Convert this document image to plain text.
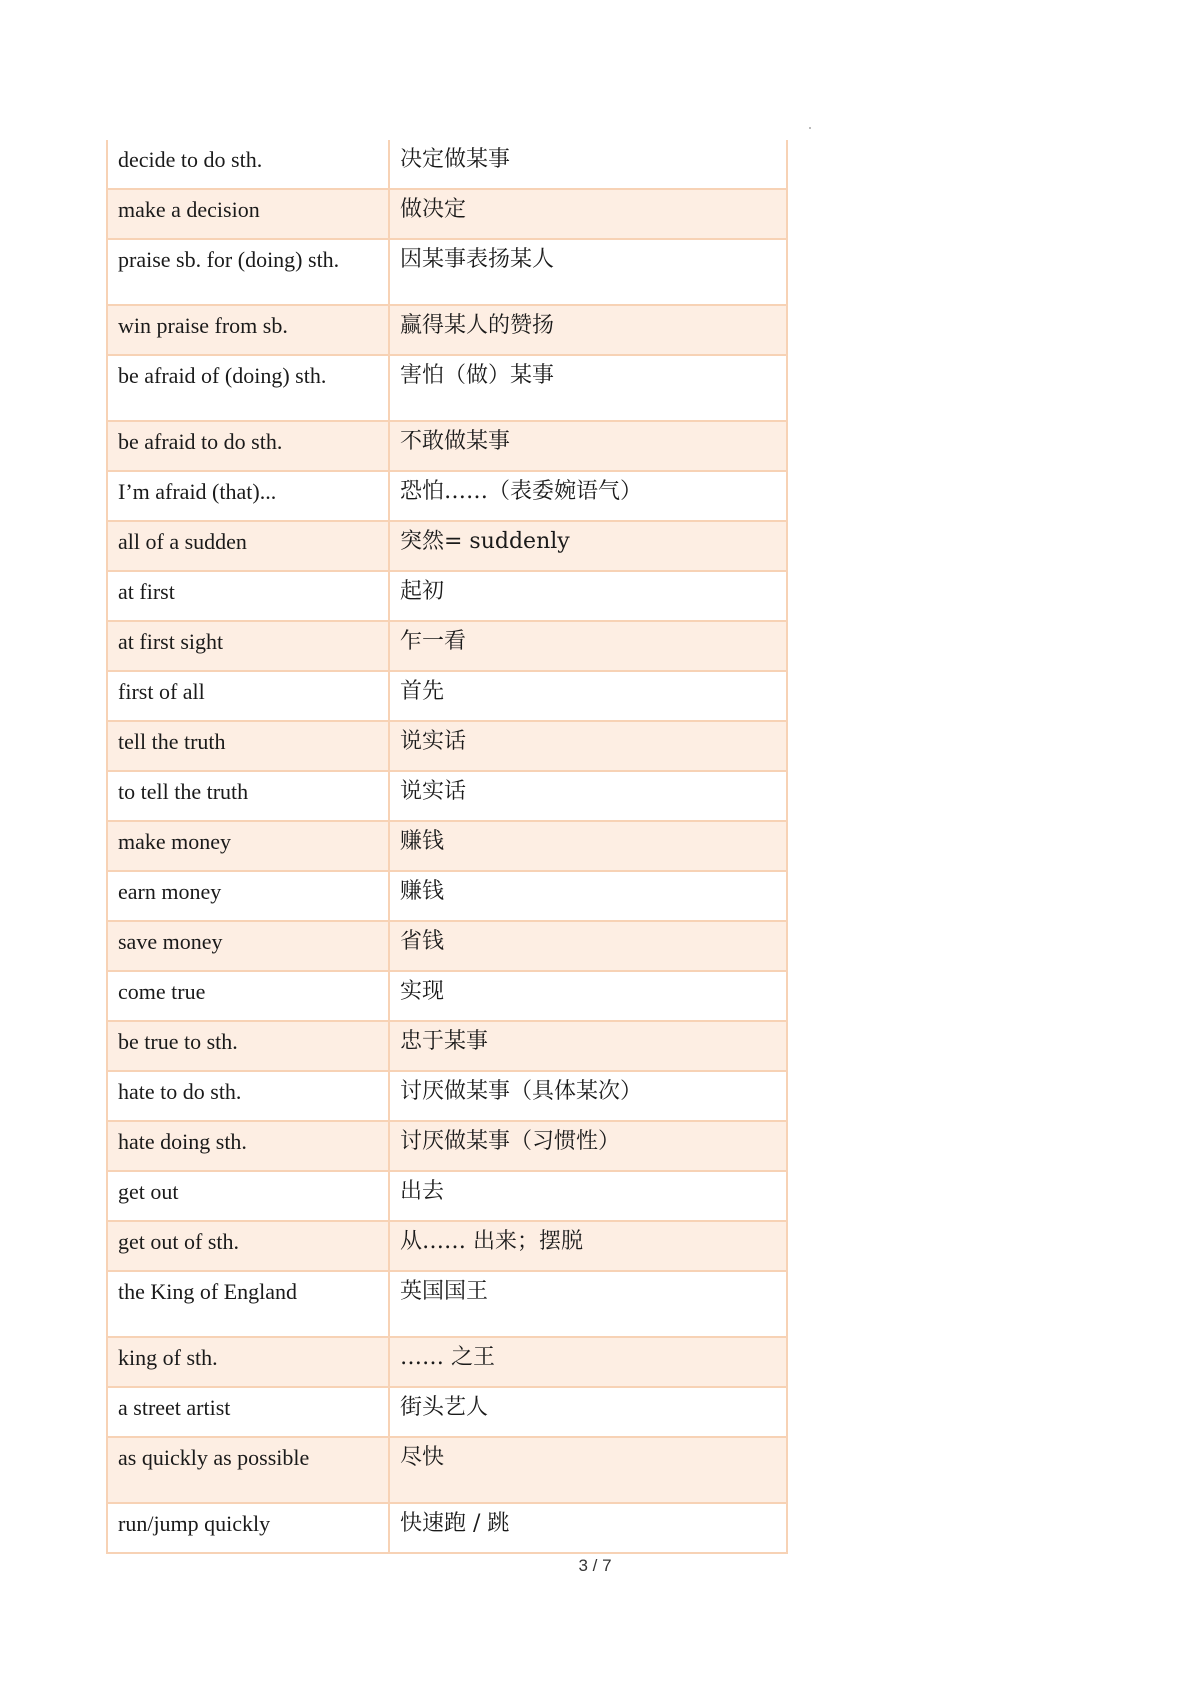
decide to do sth.	决定做某事
make a decision	做决定
praise sb. for (doing) sth.	因某事表扬某人
win praise from sb.	赢得某人的赞扬
be afraid of (doing) sth.	害怕（做）某事
be afraid to do sth.	不敢做某事
I’m afraid (that)...	恐怕……（表委婉语气）
all of a sudden	突然= suddenly
at first	起初
at first sight	乍一看
first of all	首先
tell the truth	说实话
to tell the truth	说实话
make money	赚钱
earn money	赚钱
save money	省钱
come true	实现
be true to sth.	忠于某事
hate to do sth.	讨厌做某事（具体某次）
hate doing sth.	讨厌做某事（习惯性）
get out	出去
get out of sth.	从…… 出来；摆脱
the King of England	英国国王
king of sth.	…… 之王
a street artist	街头艺人
as quickly as possible	尽快
run/jump quickly	快速跑 / 跳
3 / 7
